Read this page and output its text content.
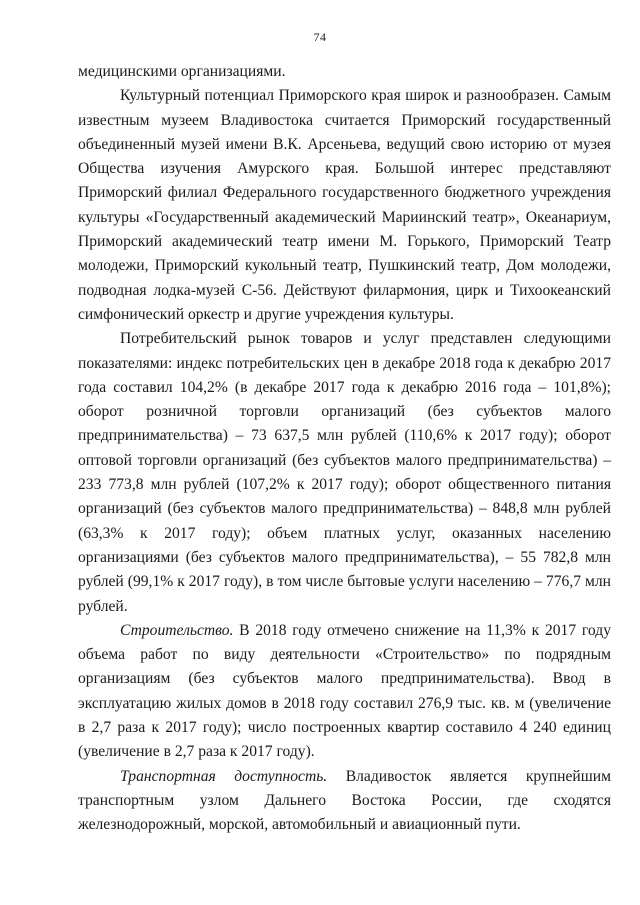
74

медицинскими организациями.

Культурный потенциал Приморского края широк и разнообразен. Самым известным музеем Владивостока считается Приморский государственный объединенный музей имени В.К. Арсеньева, ведущий свою историю от музея Общества изучения Амурского края. Большой интерес представляют Приморский филиал Федерального государственного бюджетного учреждения культуры «Государственный академический Мариинский театр», Океанариум, Приморский академический театр имени М. Горького, Приморский Театр молодежи, Приморский кукольный театр, Пушкинский театр, Дом молодежи, подводная лодка-музей С-56. Действуют филармония, цирк и Тихоокеанский симфонический оркестр и другие учреждения культуры.

Потребительский рынок товаров и услуг представлен следующими показателями: индекс потребительских цен в декабре 2018 года к декабрю 2017 года составил 104,2% (в декабре 2017 года к декабрю 2016 года – 101,8%); оборот розничной торговли организаций (без субъектов малого предпринимательства) – 73 637,5 млн рублей (110,6% к 2017 году); оборот оптовой торговли организаций (без субъектов малого предпринимательства) – 233 773,8 млн рублей (107,2% к 2017 году); оборот общественного питания организаций (без субъектов малого предпринимательства) – 848,8 млн рублей (63,3% к 2017 году); объем платных услуг, оказанных населению организациями (без субъектов малого предпринимательства), – 55 782,8 млн рублей (99,1% к 2017 году), в том числе бытовые услуги населению – 776,7 млн рублей.

Строительство. В 2018 году отмечено снижение на 11,3% к 2017 году объема работ по виду деятельности «Строительство» по подрядным организациям (без субъектов малого предпринимательства). Ввод в эксплуатацию жилых домов в 2018 году составил 276,9 тыс. кв. м (увеличение в 2,7 раза к 2017 году); число построенных квартир составило 4 240 единиц (увеличение в 2,7 раза к 2017 году).

Транспортная доступность. Владивосток является крупнейшим транспортным узлом Дальнего Востока России, где сходятся железнодорожный, морской, автомобильный и авиационный пути.
